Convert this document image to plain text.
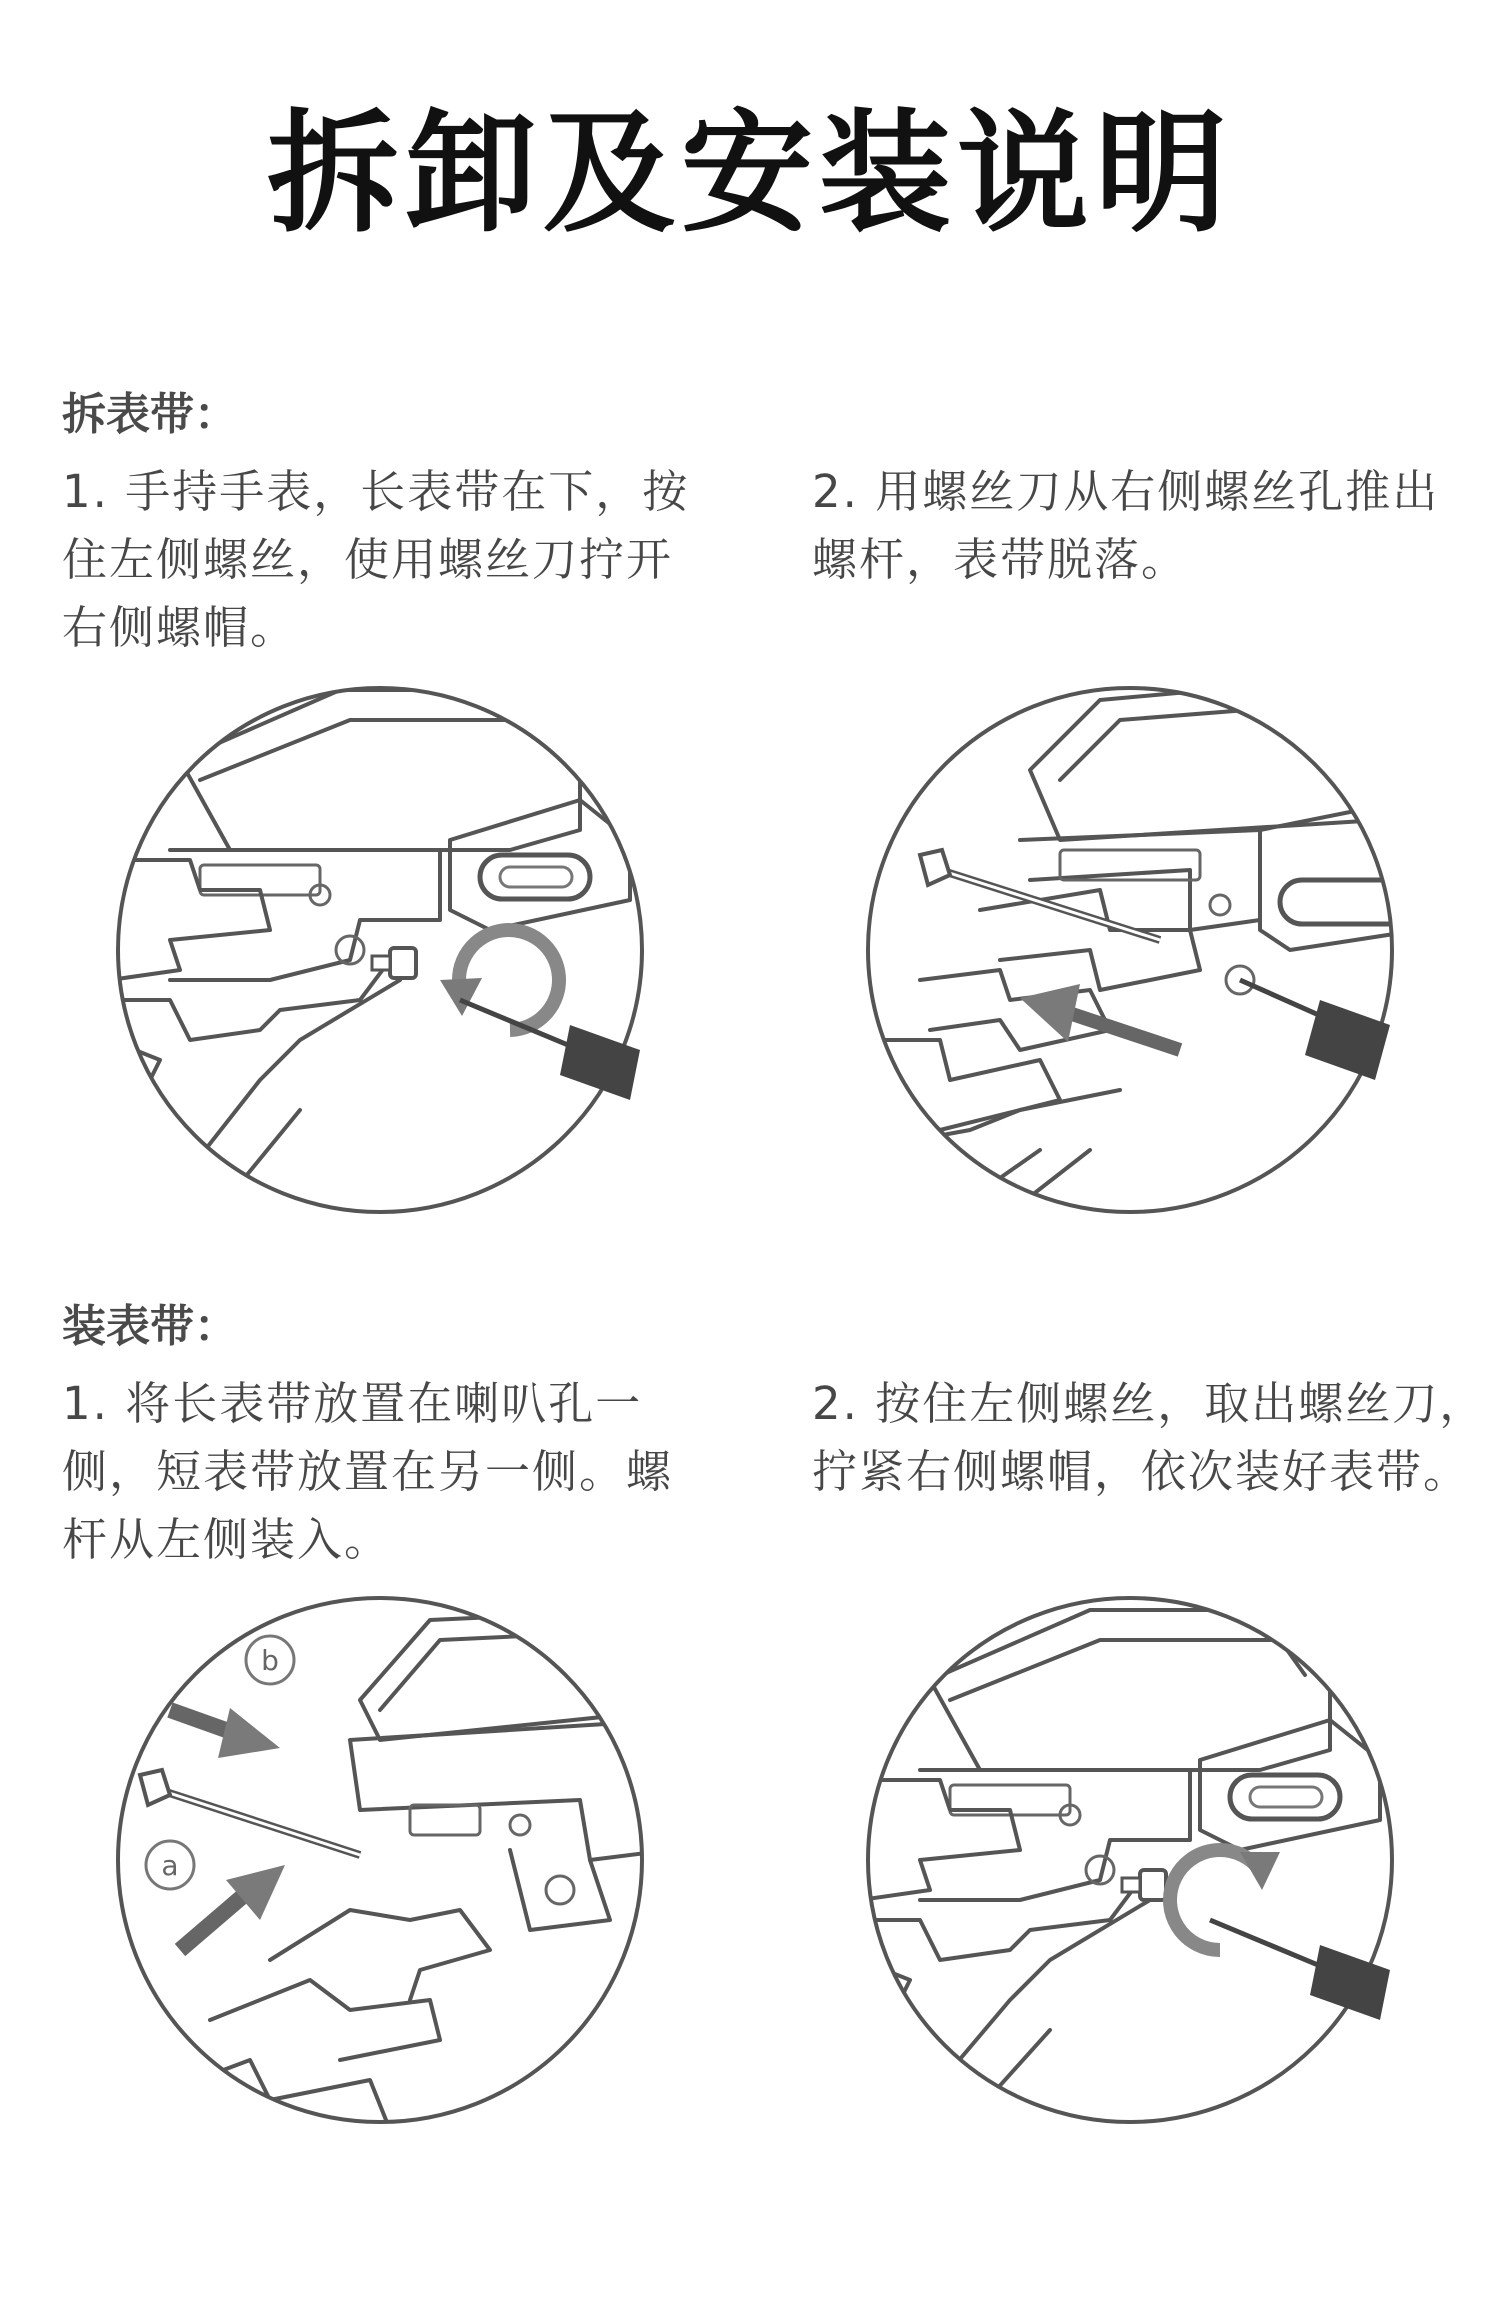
拆卸及安装说明
拆表带：
1. 手持手表，长表带在下，按
住左侧螺丝，使用螺丝刀拧开
右侧螺帽。
2. 用螺丝刀从右侧螺丝孔推出
螺杆，表带脱落。
装表带：
1. 将长表带放置在喇叭孔一
侧，短表带放置在另一侧。螺
杆从左侧装入。
2. 按住左侧螺丝，取出螺丝刀，
拧紧右侧螺帽，依次装好表带。
b
a
